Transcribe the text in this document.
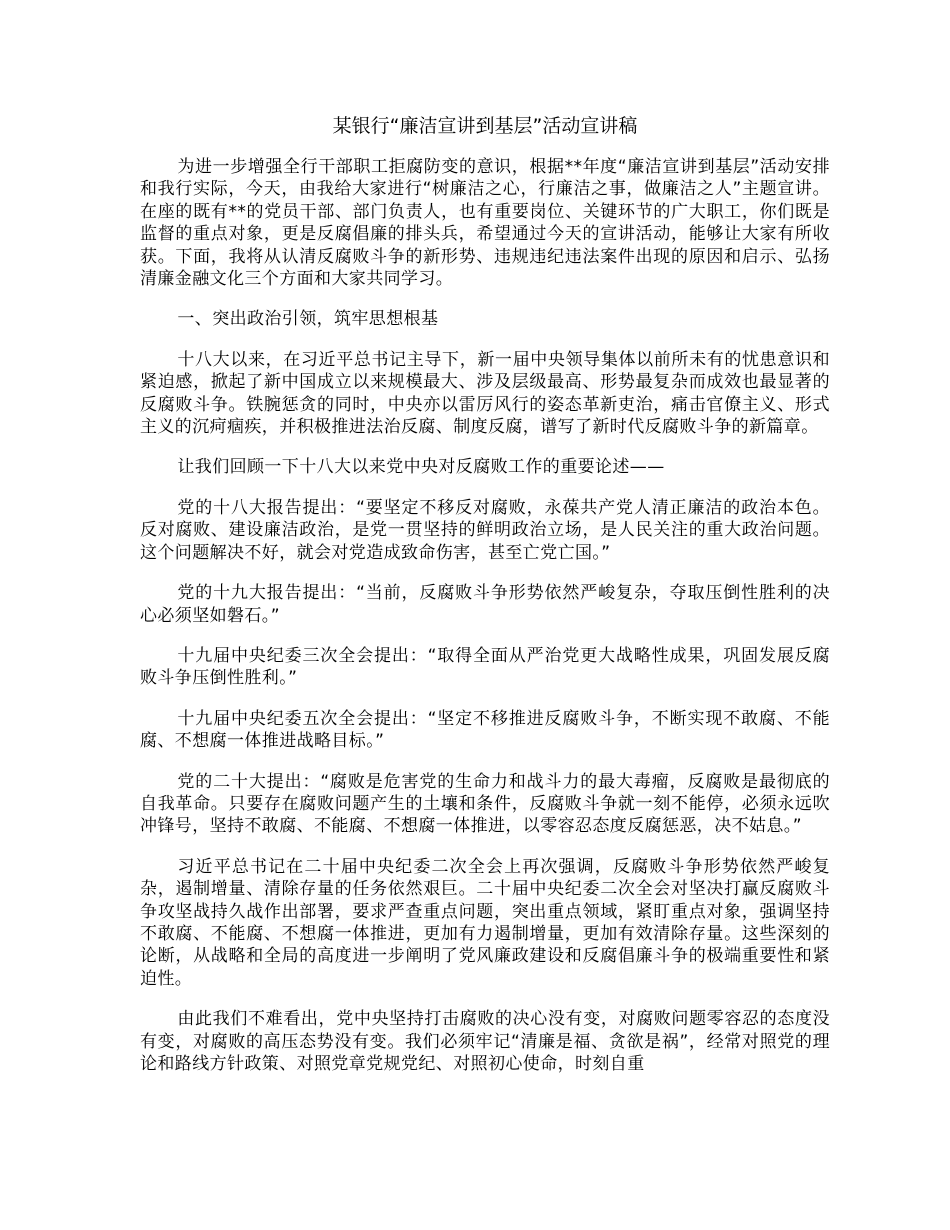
某银行“廉洁宣讲到基层”活动宣讲稿

为进一步增强全行干部职工拒腐防变的意识，根据**年度“廉洁宣讲到基层”活动安排和我行实际，今天，由我给大家进行“树廉洁之心，行廉洁之事，做廉洁之人”主题宣讲。在座的既有**的党员干部、部门负责人，也有重要岗位、关键环节的广大职工，你们既是监督的重点对象，更是反腐倡廉的排头兵，希望通过今天的宣讲活动，能够让大家有所收获。下面，我将从认清反腐败斗争的新形势、违规违纪违法案件出现的原因和启示、弘扬清廉金融文化三个方面和大家共同学习。

一、突出政治引领，筑牢思想根基

十八大以来，在习近平总书记主导下，新一届中央领导集体以前所未有的忧患意识和紧迫感，掀起了新中国成立以来规模最大、涉及层级最高、形势最复杂而成效也最显著的反腐败斗争。铁腕惩贪的同时，中央亦以雷厉风行的姿态革新吏治，痛击官僚主义、形式主义的沉疴痼疾，并积极推进法治反腐、制度反腐，谱写了新时代反腐败斗争的新篇章。

让我们回顾一下十八大以来党中央对反腐败工作的重要论述——

党的十八大报告提出：“要坚定不移反对腐败，永葆共产党人清正廉洁的政治本色。反对腐败、建设廉洁政治，是党一贯坚持的鲜明政治立场，是人民关注的重大政治问题。这个问题解决不好，就会对党造成致命伤害，甚至亡党亡国。”

党的十九大报告提出：“当前，反腐败斗争形势依然严峻复杂，夺取压倒性胜利的决心必须坚如磐石。”

十九届中央纪委三次全会提出：“取得全面从严治党更大战略性成果，巩固发展反腐败斗争压倒性胜利。”

十九届中央纪委五次全会提出：“坚定不移推进反腐败斗争，不断实现不敢腐、不能腐、不想腐一体推进战略目标。”

党的二十大提出：“腐败是危害党的生命力和战斗力的最大毒瘤，反腐败是最彻底的自我革命。只要存在腐败问题产生的土壤和条件，反腐败斗争就一刻不能停，必须永远吹冲锋号，坚持不敢腐、不能腐、不想腐一体推进，以零容忍态度反腐惩恶，决不姑息。”

习近平总书记在二十届中央纪委二次全会上再次强调，反腐败斗争形势依然严峻复杂，遏制增量、清除存量的任务依然艰巨。二十届中央纪委二次全会对坚决打赢反腐败斗争攻坚战持久战作出部署，要求严查重点问题，突出重点领域，紧盯重点对象，强调坚持不敢腐、不能腐、不想腐一体推进，更加有力遏制增量，更加有效清除存量。这些深刻的论断，从战略和全局的高度进一步阐明了党风廉政建设和反腐倡廉斗争的极端重要性和紧迫性。

由此我们不难看出，党中央坚持打击腐败的决心没有变，对腐败问题零容忍的态度没有变，对腐败的高压态势没有变。我们必须牢记“清廉是福、贪欲是祸”，经常对照党的理论和路线方针政策、对照党章党规党纪、对照初心使命，时刻自重
